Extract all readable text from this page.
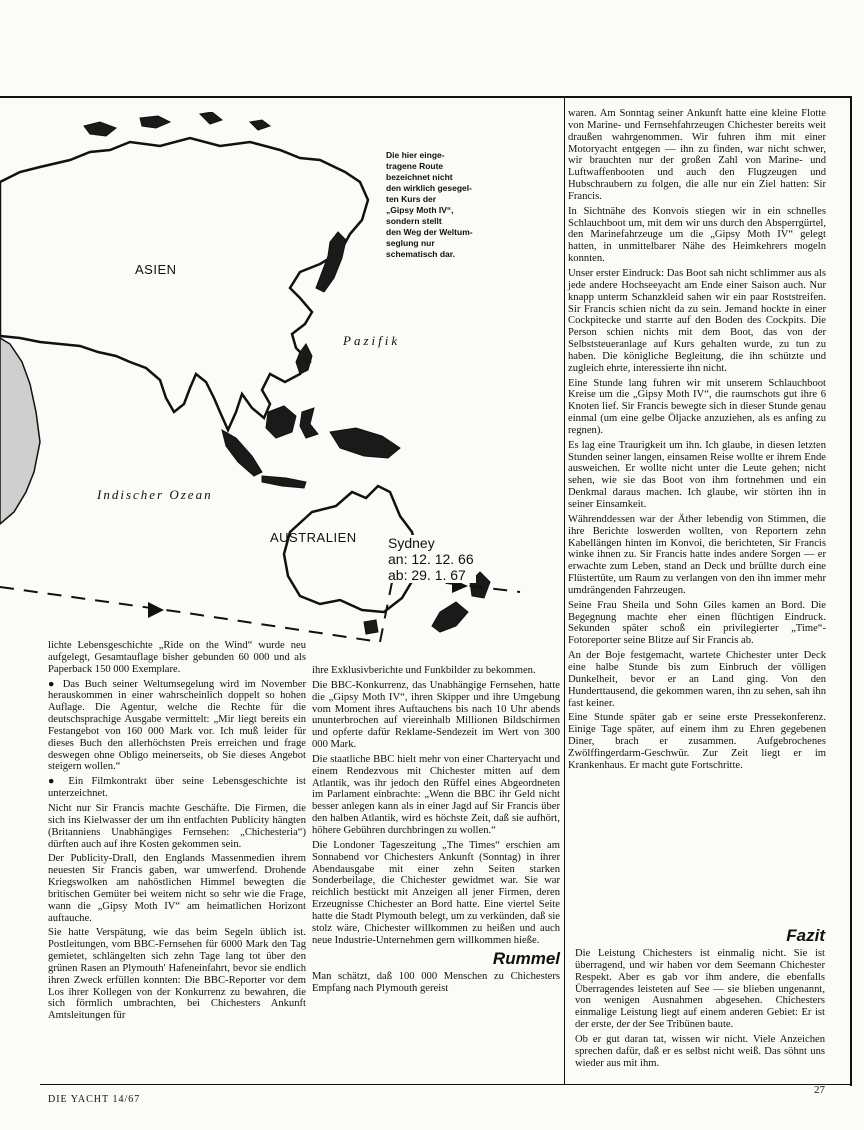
ASIEN
Pazifik
Indischer Ozean
AUSTRALIEN Sydney
an: 12. 12. 66
ab: 29. 1. 67
Die hier einge-
tragene Route
bezeichnet nicht
den wirklich gesegel-
ten Kurs der
„Gipsy Moth IV“,
sondern stellt
den Weg der Weltum-
seglung nur
schematisch dar.

lichte Lebensgeschichte „Ride on the Wind“ wurde neu aufgelegt, Gesamtauflage bisher gebunden 60 000 und als Paperback 150 000 Exemplare.

● Das Buch seiner Weltumsegelung wird im November herauskommen in einer wahrscheinlich doppelt so hohen Auflage. Die Agentur, welche die Rechte für die deutschsprachige Ausgabe vermittelt: „Mir liegt bereits ein Festangebot von 160 000 Mark vor. Ich muß leider für dieses Buch den allerhöchsten Preis erreichen und frage deswegen ohne Obligo meinerseits, ob Sie dieses Angebot steigern wollen.“

● Ein Filmkontrakt über seine Lebensgeschichte ist unterzeichnet.

Nicht nur Sir Francis machte Geschäfte. Die Firmen, die sich ins Kielwasser der um ihn entfachten Publicity hängten (Britanniens Unabhängiges Fernsehen: „Chichesteria“) dürften auch auf ihre Kosten gekommen sein.

Der Publicity-Drall, den Englands Massenmedien ihrem neuesten Sir Francis gaben, war umwerfend. Drohende Kriegswolken am nahöstlichen Himmel bewegten die britischen Gemüter bei weitem nicht so sehr wie die Frage, wann die „Gipsy Moth IV“ am heimatlichen Horizont auftauche.

Sie hatte Verspätung, wie das beim Segeln üblich ist. Postleitungen, vom BBC-Fernsehen für 6000 Mark den Tag gemietet, schlängelten sich zehn Tage lang tot über den grünen Rasen an Plymouth' Hafeneinfahrt, bevor sie endlich ihren Zweck erfüllen konnten: Die BBC-Reporter vor dem Los ihrer Kollegen von der Konkurrenz zu bewahren, die sich förmlich umbrachten, bei Chichesters Ankunft Amtsleitungen für

ihre Exklusivberichte und Funkbilder zu bekommen.

Die BBC-Konkurrenz, das Unabhängige Fernsehen, hatte die „Gipsy Moth IV“, ihren Skipper und ihre Umgebung vom Moment ihres Auftauchens bis nach 10 Uhr abends ununterbrochen auf viereinhalb Millionen Bildschirmen und opferte dafür Reklame-Sendezeit im Wert von 300 000 Mark.

Die staatliche BBC hielt mehr von einer Charteryacht und einem Rendezvous mit Chichester mitten auf dem Atlantik, was ihr jedoch den Rüffel eines Abgeordneten im Parlament einbrachte: „Wenn die BBC ihr Geld nicht besser anlegen kann als in einer Jagd auf Sir Francis über den halben Atlantik, wird es höchste Zeit, daß sie aufhört, höhere Gebühren durchbringen zu wollen.“

Die Londoner Tageszeitung „The Times“ erschien am Sonnabend vor Chichesters Ankunft (Sonntag) in ihrer Abendausgabe mit einer zehn Seiten starken Sonderbeilage, die Chichester gewidmet war. Sie war reichlich bestückt mit Anzeigen all jener Firmen, deren Erzeugnisse Chichester an Bord hatte. Eine viertel Seite hatte die Stadt Plymouth belegt, um zu verkünden, daß sie stolz wäre, Chichester willkommen zu heißen und auch neue Industrie-Unternehmen gern willkommen hieße.

Rummel

Man schätzt, daß 100 000 Menschen zu Chichesters Empfang nach Plymouth gereist

waren. Am Sonntag seiner Ankunft hatte eine kleine Flotte von Marine- und Fernsehfahrzeugen Chichester bereits weit draußen wahrgenommen. Wir fuhren ihm mit einer Motoryacht entgegen — ihn zu finden, war nicht schwer, wir brauchten nur der großen Zahl von Marine- und Luftwaffenbooten und auch den Flugzeugen und Hubschraubern zu folgen, die alle nur ein Ziel hatten: Sir Francis.

In Sichtnähe des Konvois stiegen wir in ein schnelles Schlauchboot um, mit dem wir uns durch den Absperrgürtel, den Marinefahrzeuge um die „Gipsy Moth IV“ gelegt hatten, in unmittelbarer Nähe des Heimkehrers mogeln konnten.

Unser erster Eindruck: Das Boot sah nicht schlimmer aus als jede andere Hochseeyacht am Ende einer Saison auch. Nur knapp unterm Schanzkleid sahen wir ein paar Roststreifen. Sir Francis schien nicht da zu sein. Jemand hockte in einer Cockpitecke und starrte auf den Boden des Cockpits. Die Person schien nichts mit dem Boot, das von der Selbststeueranlage auf Kurs gehalten wurde, zu tun zu haben. Die königliche Begleitung, die ihn schützte und zugleich ehrte, interessierte ihn nicht.

Eine Stunde lang fuhren wir mit unserem Schlauchboot Kreise um die „Gipsy Moth IV“, die raumschots gut ihre 6 Knoten lief. Sir Francis bewegte sich in dieser Stunde genau einmal (um eine gelbe Öljacke anzuziehen, als es anfing zu regnen).

Es lag eine Traurigkeit um ihn. Ich glaube, in diesen letzten Stunden seiner langen, einsamen Reise wollte er ihrem Ende ausweichen. Er wollte nicht unter die Leute gehen; nicht sehen, wie sie das Boot von ihm fortnehmen und ein Denkmal daraus machen. Ich glaube, wir störten ihn in seiner Einsamkeit.

Währenddessen war der Äther lebendig von Stimmen, die ihre Berichte loswerden wollten, von Reportern zehn Kabellängen hinten im Konvoi, die berichteten, Sir Francis winke ihnen zu. Sir Francis hatte indes andere Sorgen — er erwachte zum Leben, stand an Deck und brüllte durch eine Flüstertüte, um Raum zu verlangen von den ihn immer mehr umdrängenden Fahrzeugen.

Seine Frau Sheila und Sohn Giles kamen an Bord. Die Begegnung machte eher einen flüchtigen Eindruck. Sekunden später schoß ein privilegierter „Time“-Fotoreporter seine Blitze auf Sir Francis ab.

An der Boje festgemacht, wartete Chichester unter Deck eine halbe Stunde bis zum Einbruch der völligen Dunkelheit, bevor er an Land ging. Von den Hunderttausend, die gekommen waren, ihn zu sehen, sah ihn fast keiner.

Eine Stunde später gab er seine erste Pressekonferenz. Einige Tage später, auf einem ihm zu Ehren gegebenen Diner, brach er zusammen. Aufgebrochenes Zwölffingerdarm-Geschwür. Zur Zeit liegt er im Krankenhaus. Er macht gute Fortschritte.

Fazit

Die Leistung Chichesters ist einmalig nicht. Sie ist überragend, und wir haben vor dem Seemann Chichester Respekt. Aber es gab vor ihm andere, die ebenfalls Überragendes leisteten auf See — sie blieben ungenannt, von wenigen Ausnahmen abgesehen. Chichesters einmalige Leistung liegt auf einem anderen Gebiet: Er ist der erste, der der See Tribünen baute.

Ob er gut daran tat, wissen wir nicht. Viele Anzeichen sprechen dafür, daß er es selbst nicht weiß. Das söhnt uns wieder aus mit ihm.

DIE YACHT 14/67
27
